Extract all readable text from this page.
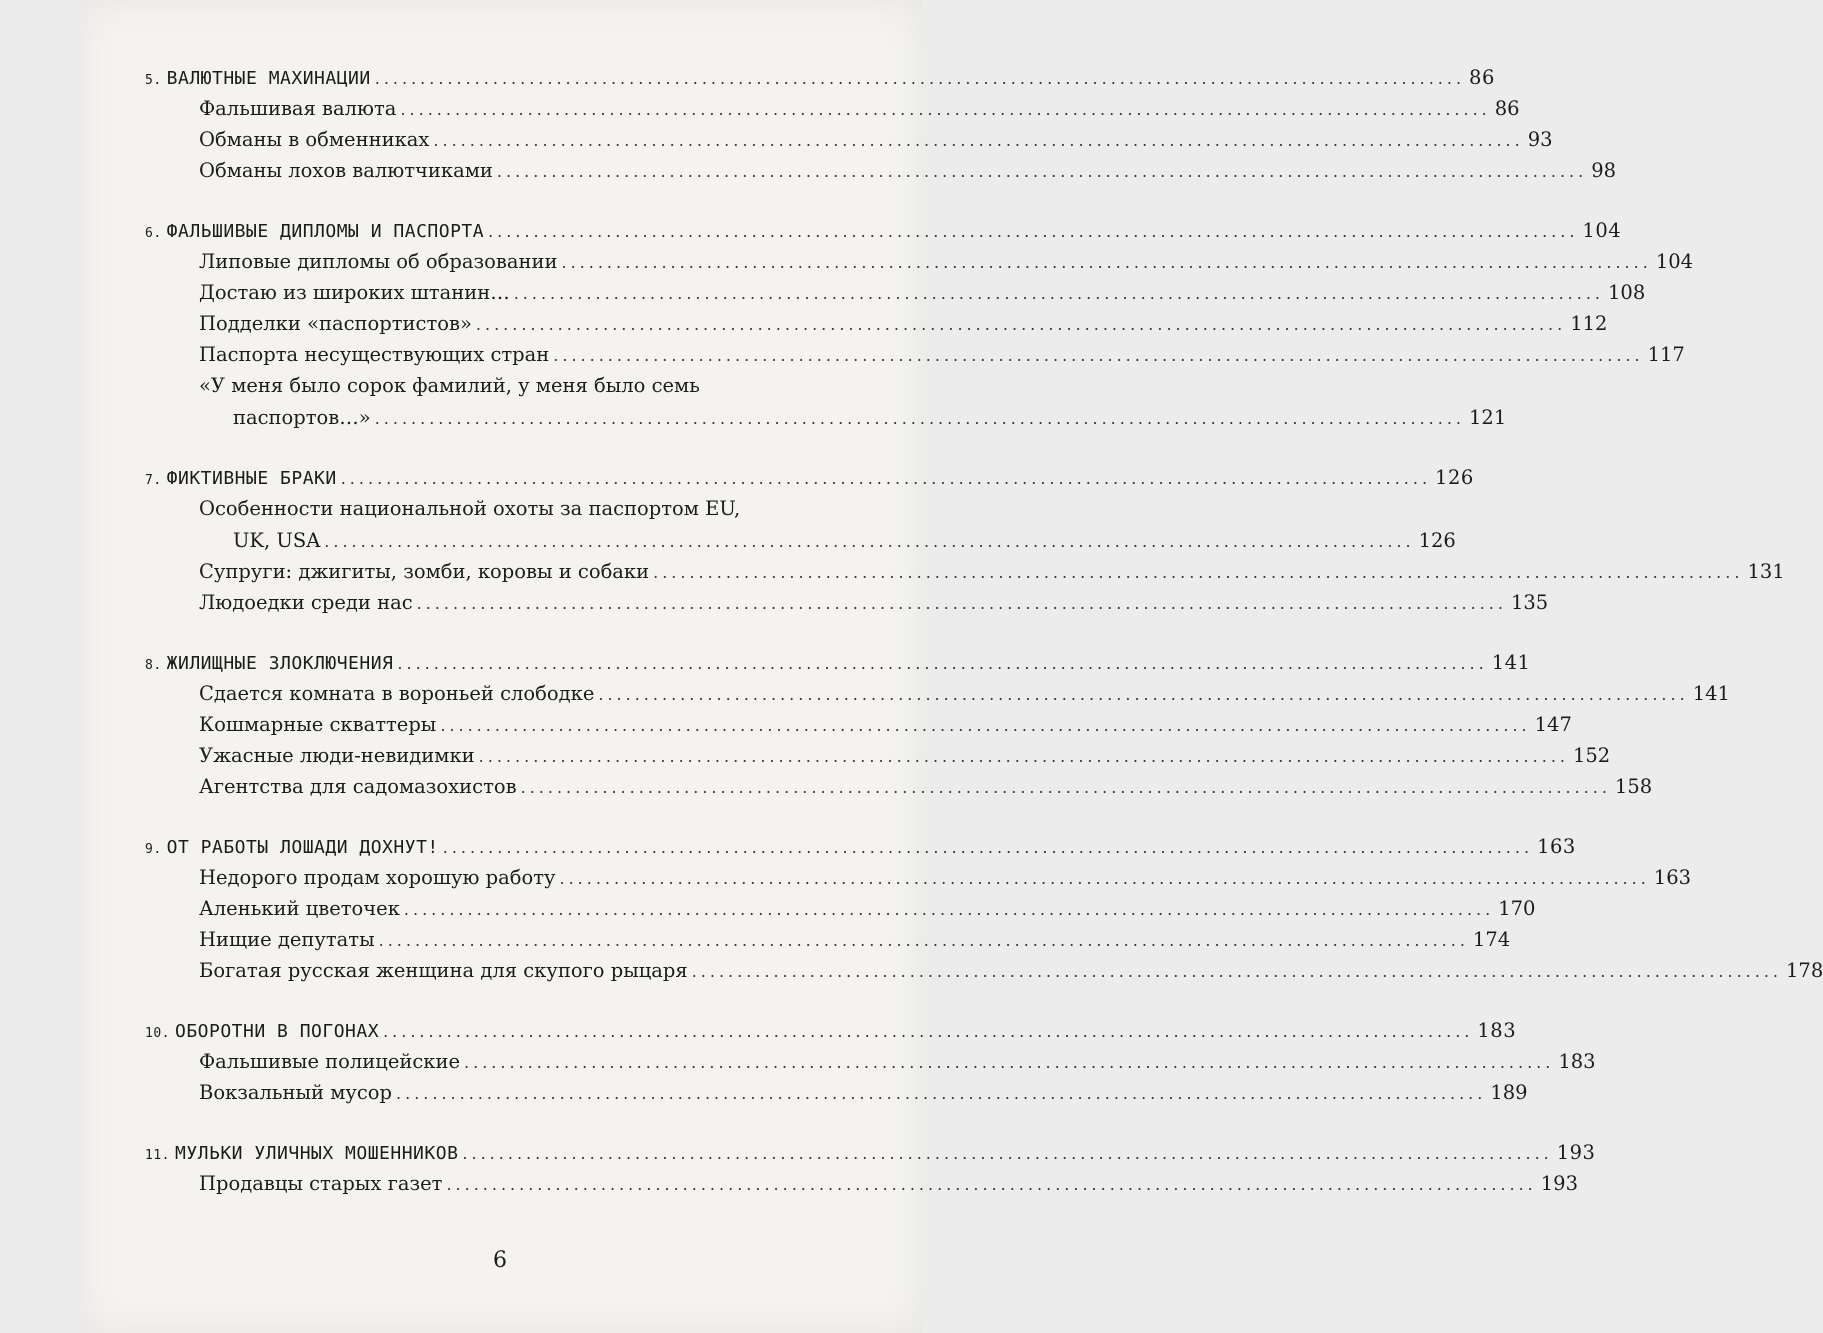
5. ВАЛЮТНЫЕ МАХИНАЦИИ ........................................................................................................................ 86
Фальшивая валюта ........................................................................................................................ 86
Обманы в обменниках ........................................................................................................................ 93
Обманы лохов валютчиками ........................................................................................................................ 98
6. ФАЛЬШИВЫЕ ДИПЛОМЫ И ПАСПОРТА ........................................................................................................................ 104
Липовые дипломы об образовании ........................................................................................................................ 104
Достаю из широких штанин… ........................................................................................................................ 108
Подделки «паспортистов» ........................................................................................................................ 112
Паспорта несуществующих стран ........................................................................................................................ 117
«У меня было сорок фамилий, у меня было семь
паспортов…» ........................................................................................................................ 121
7. ФИКТИВНЫЕ БРАКИ ........................................................................................................................ 126
Особенности национальной охоты за паспортом EU,
UK, USA ........................................................................................................................ 126
Супруги: джигиты, зомби, коровы и собаки ........................................................................................................................ 131
Людоедки среди нас ........................................................................................................................ 135
8. ЖИЛИЩНЫЕ ЗЛОКЛЮЧЕНИЯ ........................................................................................................................ 141
Сдается комната в вороньей слободке ........................................................................................................................ 141
Кошмарные скваттеры ........................................................................................................................ 147
Ужасные люди-невидимки ........................................................................................................................ 152
Агентства для садомазохистов ........................................................................................................................ 158
9. ОТ РАБОТЫ ЛОШАДИ ДОХНУТ! ........................................................................................................................ 163
Недорого продам хорошую работу ........................................................................................................................ 163
Аленький цветочек ........................................................................................................................ 170
Нищие депутаты ........................................................................................................................ 174
Богатая русская женщина для скупого рыцаря ........................................................................................................................ 178
10. ОБОРОТНИ В ПОГОНАХ ........................................................................................................................ 183
Фальшивые полицейские ........................................................................................................................ 183
Вокзальный мусор ........................................................................................................................ 189
11. МУЛЬКИ УЛИЧНЫХ МОШЕННИКОВ ........................................................................................................................ 193
Продавцы старых газет ........................................................................................................................ 193
6
